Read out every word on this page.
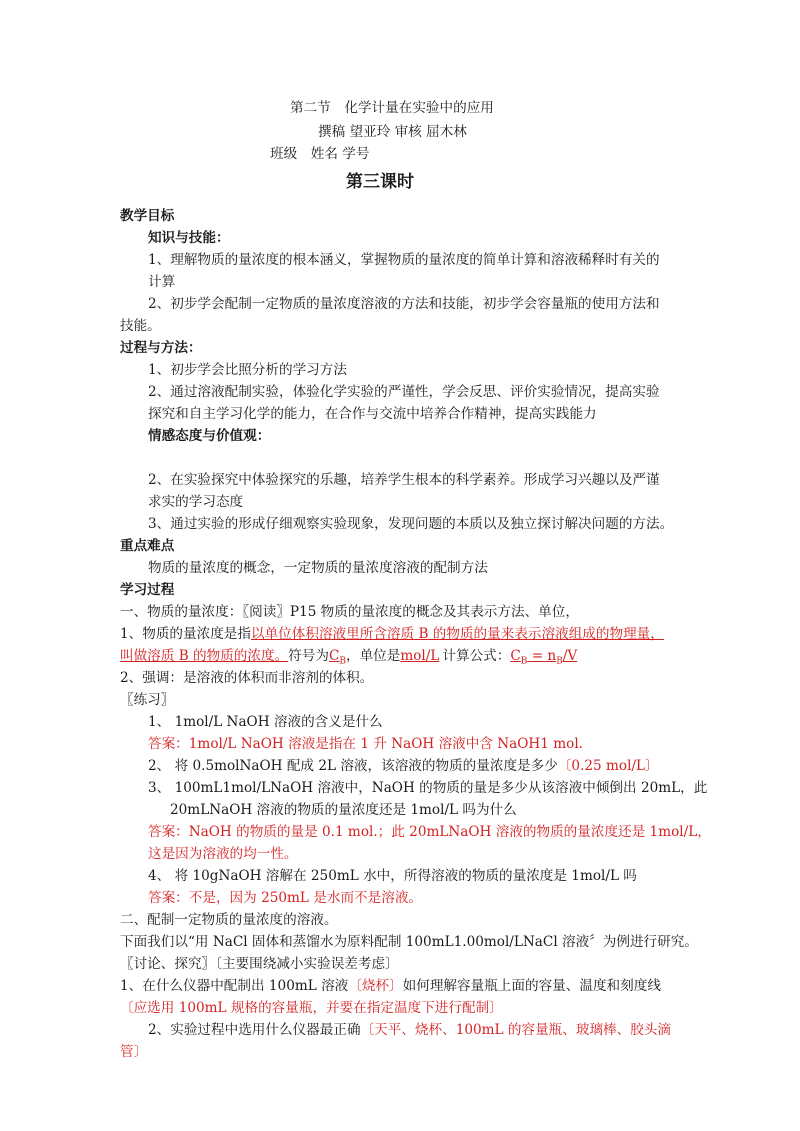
第二节　化学计量在实验中的应用
撰稿 望亚玲 审核 屈木林
班级　姓名 学号
第三课时
教学目标
知识与技能：
1、理解物质的量浓度的根本涵义，掌握物质的量浓度的简单计算和溶液稀释时有关的
计算
2、初步学会配制一定物质的量浓度溶液的方法和技能，初步学会容量瓶的使用方法和
技能。
过程与方法：
1、初步学会比照分析的学习方法
2、通过溶液配制实验，体验化学实验的严谨性，学会反思、评价实验情况，提高实验
探究和自主学习化学的能力，在合作与交流中培养合作精神，提高实践能力
情感态度与价值观：
2、在实验探究中体验探究的乐趣，培养学生根本的科学素养。形成学习兴趣以及严谨
求实的学习态度
3、通过实验的形成仔细观察实验现象，发现问题的本质以及独立探讨解决问题的方法。
重点难点
物质的量浓度的概念，一定物质的量浓度溶液的配制方法
学习过程
一、物质的量浓度：〖阅读〗P15 物质的量浓度的概念及其表示方法、单位，
1、物质的量浓度是指以单位体积溶液里所含溶质 B 的物质的量来表示溶液组成的物理量，
叫做溶质 B 的物质的浓度。符号为$C_B$，单位是mol/L 计算公式：$C_B = n_B/V$
2、强调：是溶液的体积而非溶剂的体积。
〖练习〗
1、 1mol/L NaOH 溶液的含义是什么
答案：1mol/L NaOH 溶液是指在 1 升 NaOH 溶液中含 NaOH1 mol.
2、 将 0.5molNaOH 配成 2L 溶液，该溶液的物质的量浓度是多少〔0.25 mol/L〕
3、 100mL1mol/LNaOH 溶液中，NaOH 的物质的量是多少从该溶液中倾倒出 20mL，此
20mLNaOH 溶液的物质的量浓度还是 1mol/L 吗为什么
答案：NaOH 的物质的量是 0.1 mol.；此 20mLNaOH 溶液的物质的量浓度还是 1mol/L，
这是因为溶液的均一性。
4、 将 10gNaOH 溶解在 250mL 水中，所得溶液的物质的量浓度是 1mol/L 吗
答案：不是，因为 250mL 是水而不是溶液。
二、配制一定物质的量浓度的溶液。
下面我们以“用 NaCl 固体和蒸馏水为原料配制 100mL1.00mol/LNaCl 溶液〞为例进行研究。
〖讨论、探究〗〔主要围绕减小实验误差考虑〕
1、在什么仪器中配制出 100mL 溶液〔烧杯〕如何理解容量瓶上面的容量、温度和刻度线
〔应选用 100mL 规格的容量瓶，并要在指定温度下进行配制〕
2、实验过程中选用什么仪器最正确〔天平、烧杯、100mL 的容量瓶、玻璃棒、胶头滴
管〕
